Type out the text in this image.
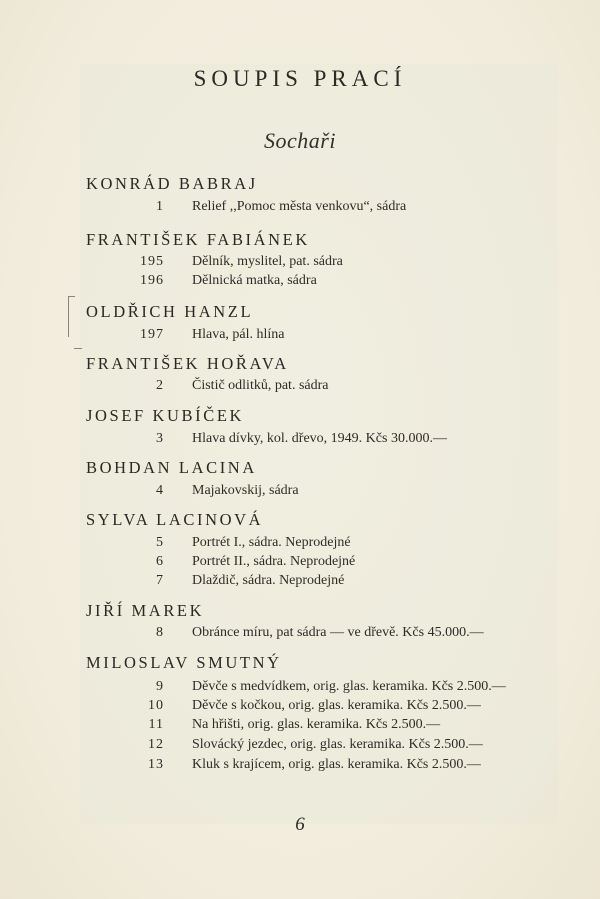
SOUPIS PRACÍ
Sochaři
KONRÁD BABRAJ
1 Relief ,,Pomoc města venkovu“, sádra
FRANTIŠEK FABIÁNEK
195 Dělník, myslitel, pat. sádra
196 Dělnická matka, sádra
OLDŘICH HANZL
197 Hlava, pál. hlína
FRANTIŠEK HOŘAVA
2 Čistič odlitků, pat. sádra
JOSEF KUBÍČEK
3 Hlava dívky, kol. dřevo, 1949. Kčs 30.000.—
BOHDAN LACINA
4 Majakovskij, sádra
SYLVA LACINOVÁ
5 Portrét I., sádra. Neprodejné
6 Portrét II., sádra. Neprodejné
7 Dlaždič, sádra. Neprodejné
JIŘÍ MAREK
8 Obránce míru, pat sádra — ve dřevě. Kčs 45.000.—
MILOSLAV SMUTNÝ
9 Děvče s medvídkem, orig. glas. keramika. Kčs 2.500.—
10 Děvče s kočkou, orig. glas. keramika. Kčs 2.500.—
11 Na hřišti, orig. glas. keramika. Kčs 2.500.—
12 Slovácký jezdec, orig. glas. keramika. Kčs 2.500.—
13 Kluk s krajícem, orig. glas. keramika. Kčs 2.500.—
6
